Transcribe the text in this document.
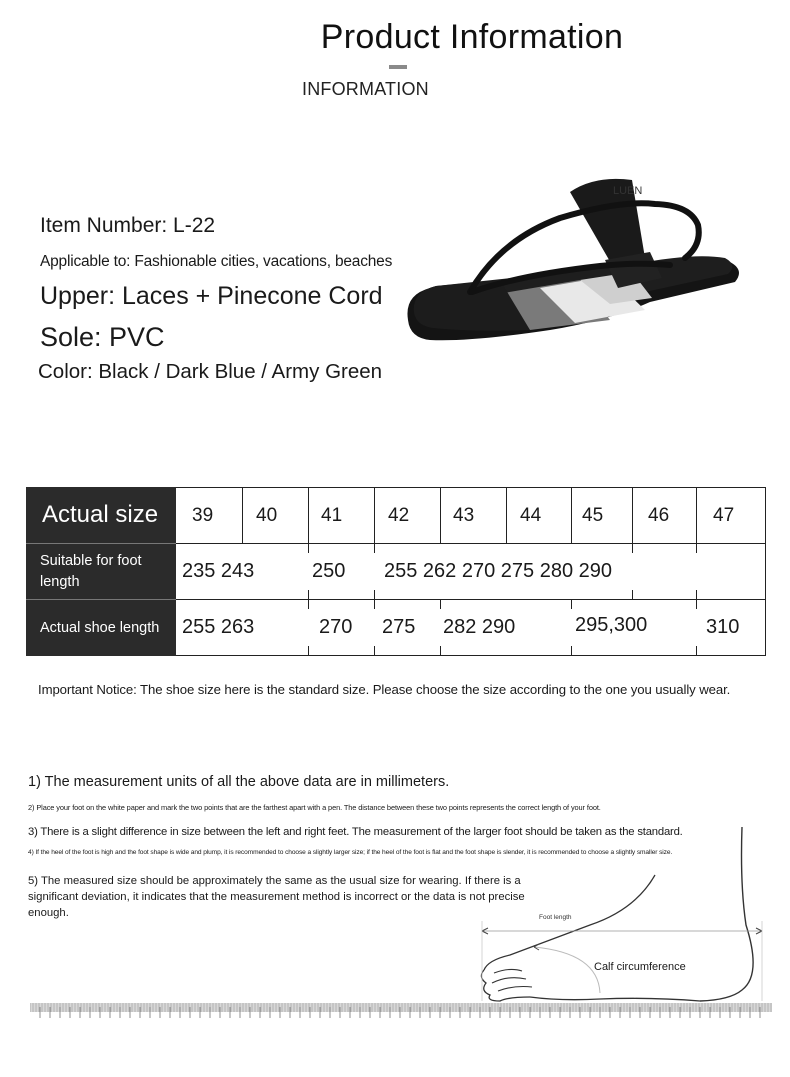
Product Information
INFORMATION
Item Number: L-22
Applicable to: Fashionable cities, vacations, beaches
Upper: Laces + Pinecone Cord
Sole: PVC
Color: Black / Dark Blue / Army Green
LUEN
Actual size	39 40 41 42 43 44 45 46 47
Suitable for foot length	235 243	250 255 262 270 275 280 290
Actual shoe length	255 263	270 275 282 290	295,300	310
Important Notice: The shoe size here is the standard size. Please choose the size according to the one you usually wear.
1) The measurement units of all the above data are in millimeters.
2) Place your foot on the white paper and mark the two points that are the farthest apart with a pen. The distance between these two points represents the correct length of your foot.
3) There is a slight difference in size between the left and right feet. The measurement of the larger foot should be taken as the standard.
4) If the heel of the foot is high and the foot shape is wide and plump, it is recommended to choose a slightly larger size; if the heel of the foot is flat and the foot shape is slender, it is recommended to choose a slightly smaller size.
5) The measured size should be approximately the same as the usual size for wearing. If there is a significant deviation, it indicates that the measurement method is incorrect or the data is not precise enough.	Foot length
Calf circumference
